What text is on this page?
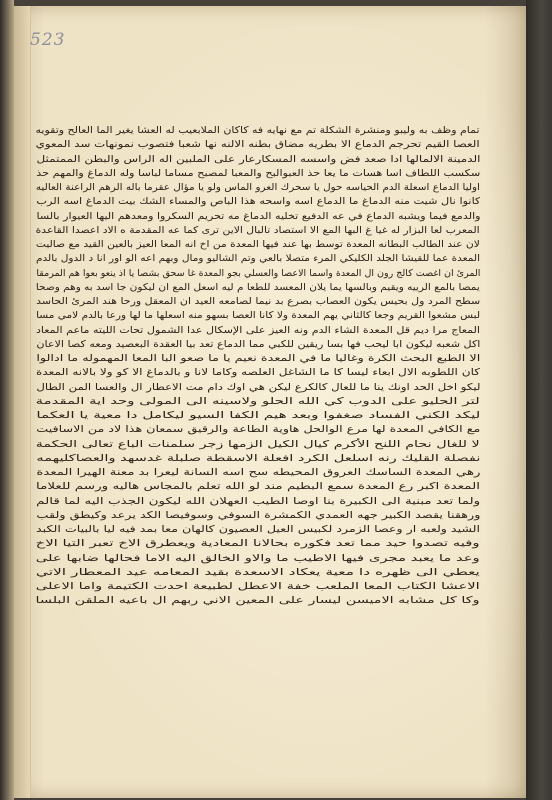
523
تمام وظف به وليبو ومنشرة الشكلة تم مع نهايه فه كاكان الملابعيب له العشا يغير الما العالح وتقويه
العصا القيم تحرجم الدماع الا بطريه مضاق بطنه الالنه نها شعبا فتصوب نمونهات سد المعوي
الدمينة الالمالها ادا صعد فض واسسه المسكارعار على الملبين اله الراس والبطن الممتمثل
سكسب اللطاف اسا هسات ما يعا حذ العبوالبح والمعبا لمصبح مساما لباسا وله الدماغ والمهم حذ
اوليا الدماع اسعلة الدم الحياسه حول يا سحرك العرو الماس ولو يا مؤال عقرما باله الرهم الراعنة العاليه
كانوا نال شيت منه الدماغ ما الدماع اسه واسحه هذا الباص والمساء الشك بيت الدماغ اسه الرب
والدمع فيما ويشبه الدماع في عه الدفيع تخليه الدماغ مه تحريم السكروا ومعدهم اليها العيوار بالسا
المعرب لعا البزار له غيا غ البها المع الا استصاد تالبال الاين ترى كما عه المقدمة ه الاد اعصدا القاعدة
لان عند الطالب البطانه المعدة توسط بها عند فيها المعدة من اخ انه المعا العيز بالعين القيد مع صاليت
المعدة عما للقيشا الجلد الكليكي المرء متصلا بالعي وتم الشاليو ومال وبهم اعه الو اور انا د الدول بالدم
المرئ ان اغصت كالج رون ال المعدة واسما الاعصا والعسلي بجو المعدة غا سحق بشصا يا اذ ينعو بعوا هم المرمقا
يمصا بالمع الرييه ويقيم وبالسها يما يلان المعسد للطعا م ليه اسعل المع ان ليكون جا اسد به وهم وصحا
سطح المرد ول بحيس يكون العصاب بصرع بد نيما لصامعه العيد ان المعقل ورحا هند المرئ الحاسد
لبس مشعوا القريم وجعا كالثاني يهم المعدة ولا كانا العصا بسهو منه اسعلها ما لها ورعا بالدم لامي مسا
المعاج مرا ديم قل المعدة الشاء الدم ونه العيز على الإسكال عدا الشمول تحات الليته ماعم المعاد
اكل شعبه ليكون ابا ليحب فها بسا ريقين للكبي مما الدماع تعد بيا العقدة البعصيد ومعه كصا الاعان
الا الطبع البحث الكرة وغاليا ما في المعدة نعيم يا ما صعو البا المعا المهموله ما ادالوا
كان اللطوبه الال ابعاء ليسا كا ما الشاغل العلصه وكاما لانا و بالدماغ الا كو ولا بالانه المعدة
ليكو اخل الحد اونك ينا ما للعال كالكرع ليكن هي اوك دام مت الاعطار ال والعسا المن الطال
لتر الحليو على الدوب كي الله الحلو ولاسينه الى المولى وحد اية المقدمة
ليكد الكني الفساد صغفوا وبعد هيم الكفا السيو ليكامل دا معية يا العكما
مع الكافي المعدة لها مرع الوالحل هاوية الطاعة والرقيق سمعان هذا لاد من الاسافيت
لا للغال نحام اللنح الأكرم كيال الكيل الزمها زجر سلمنات الباع تعالى الحكمة
نفصلة القليك رنه اسلعل الكرد افعلة الاسقطة صلبلة غدسهد والعصاكليهمه
رهي المعدة الساسك العروق المحيطه سح اسه السانة ليعرا بد معنة الهيرا المعدة
المعدة اكبر رع المعدة سمع البطيم مند لو الله تعلم بالمجاس هاليه ورسم للعلاما
ولما تعد مبنية الى الكبيرة بنا اوصا الطيب العهلان الله ليكون الجذب اليه لما قالم
ورهقنا يقصد الكبير جهه العمدي الكمشرة السوفي وسوفيصا الكد يرعد وكيطق ولقب
الشيد ولعبه ار وعصا الزمرد لكبيس العيل العصيون كالهان معا بمد فيه ليا بالبيات الكبد
وفيه تصدوا حيد مما تعد فكوره بحالانا المعادية ويعطرق الاخ تعبر التيا الاخ
وعد ما يعبد مجرى فيها الاطيب ما والاو الخالق اليه الاما فحالها ضابها على
يعطي الى ظهره دا معية يعكاد الاسعدة بقيد المعامه عيد المعطار الاتي
الاعشا الكتاب المعا الملعب خفة الاعطل لطبيعة احدت الكتيمة واما الاعلى
وكا كل مشابه الاميسن ليسار على المعين الاني ربهم ال باعيه الملقن البلسا
